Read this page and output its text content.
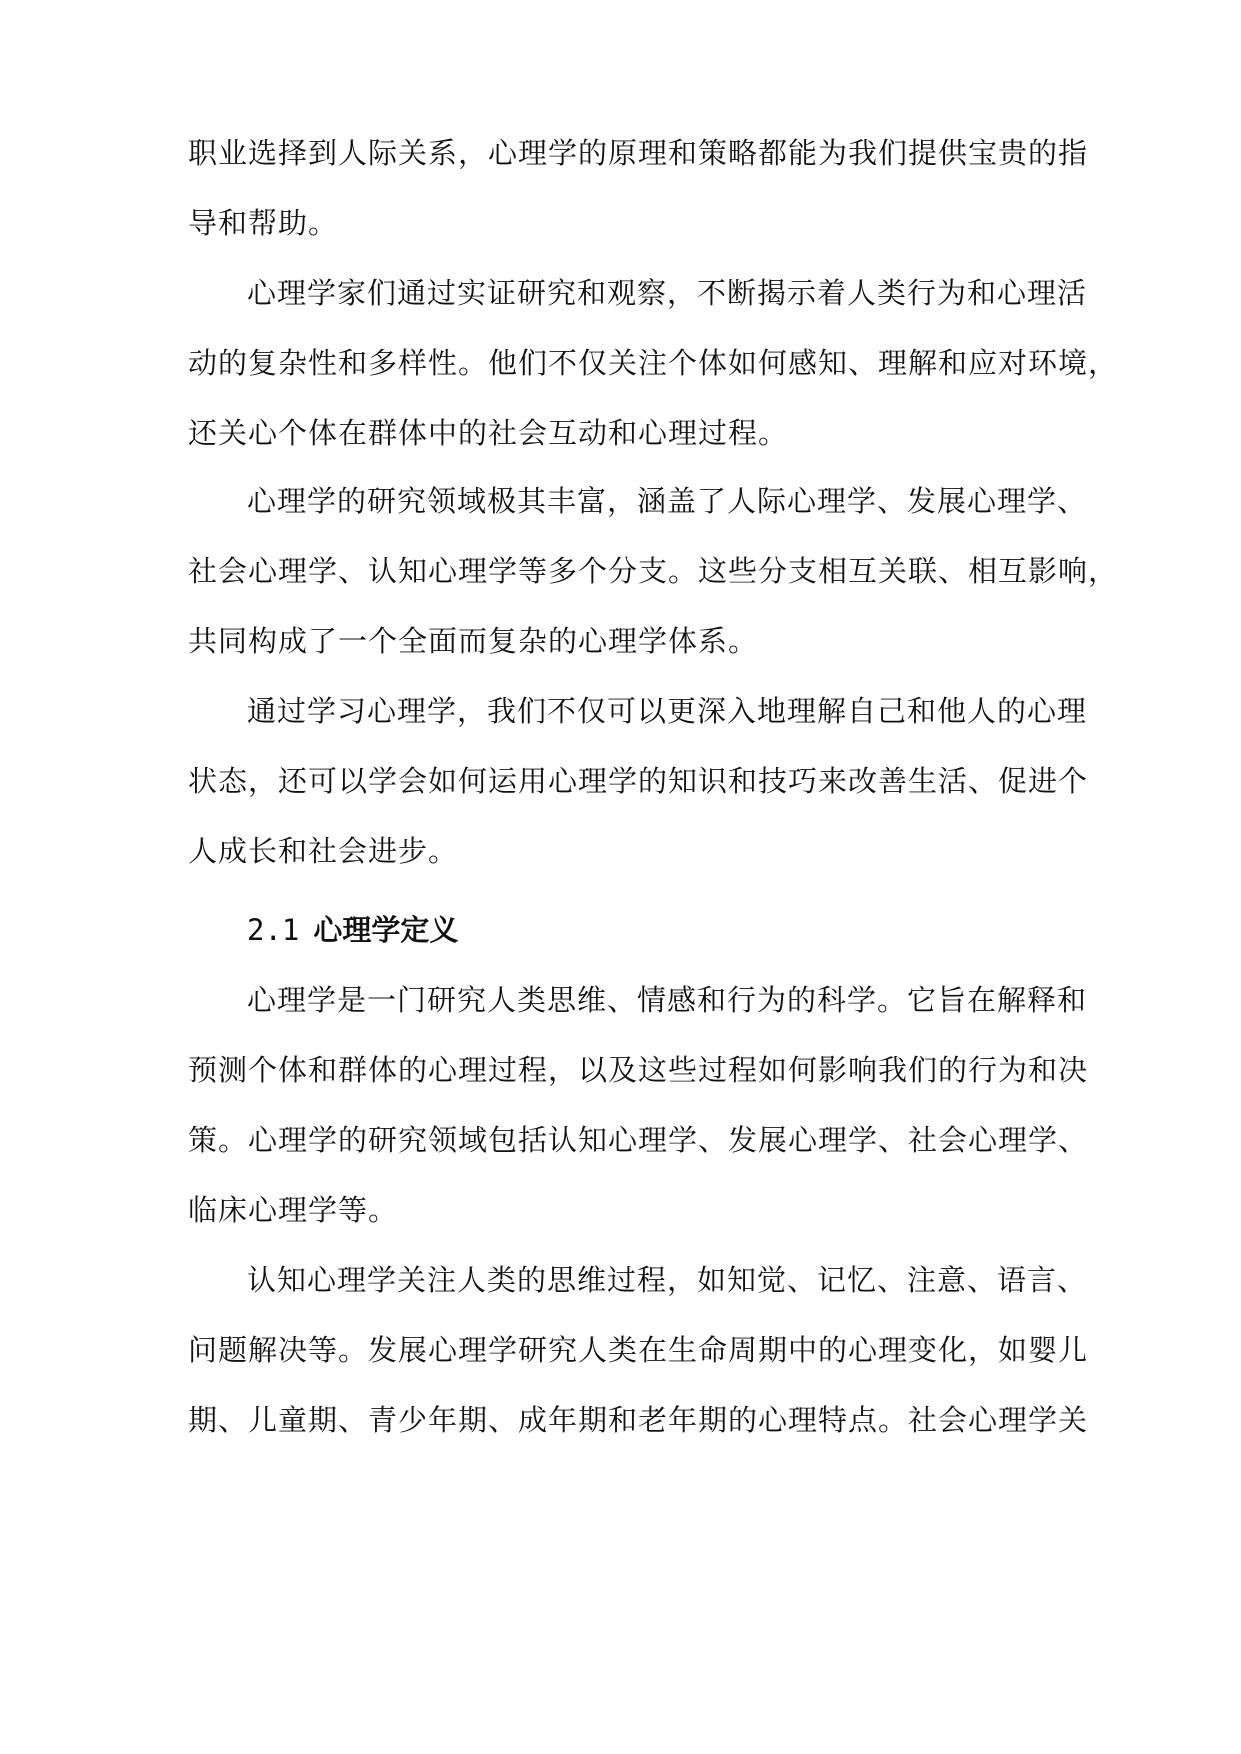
职业选择到人际关系，心理学的原理和策略都能为我们提供宝贵的指

导和帮助。

心理学家们通过实证研究和观察，不断揭示着人类行为和心理活

动的复杂性和多样性。他们不仅关注个体如何感知、理解和应对环境，

还关心个体在群体中的社会互动和心理过程。

心理学的研究领域极其丰富，涵盖了人际心理学、发展心理学、

社会心理学、认知心理学等多个分支。这些分支相互关联、相互影响，

共同构成了一个全面而复杂的心理学体系。

通过学习心理学，我们不仅可以更深入地理解自己和他人的心理

状态，还可以学会如何运用心理学的知识和技巧来改善生活、促进个

人成长和社会进步。

2.1 心理学定义

心理学是一门研究人类思维、情感和行为的科学。它旨在解释和

预测个体和群体的心理过程，以及这些过程如何影响我们的行为和决

策。心理学的研究领域包括认知心理学、发展心理学、社会心理学、

临床心理学等。

认知心理学关注人类的思维过程，如知觉、记忆、注意、语言、

问题解决等。发展心理学研究人类在生命周期中的心理变化，如婴儿

期、儿童期、青少年期、成年期和老年期的心理特点。社会心理学关
